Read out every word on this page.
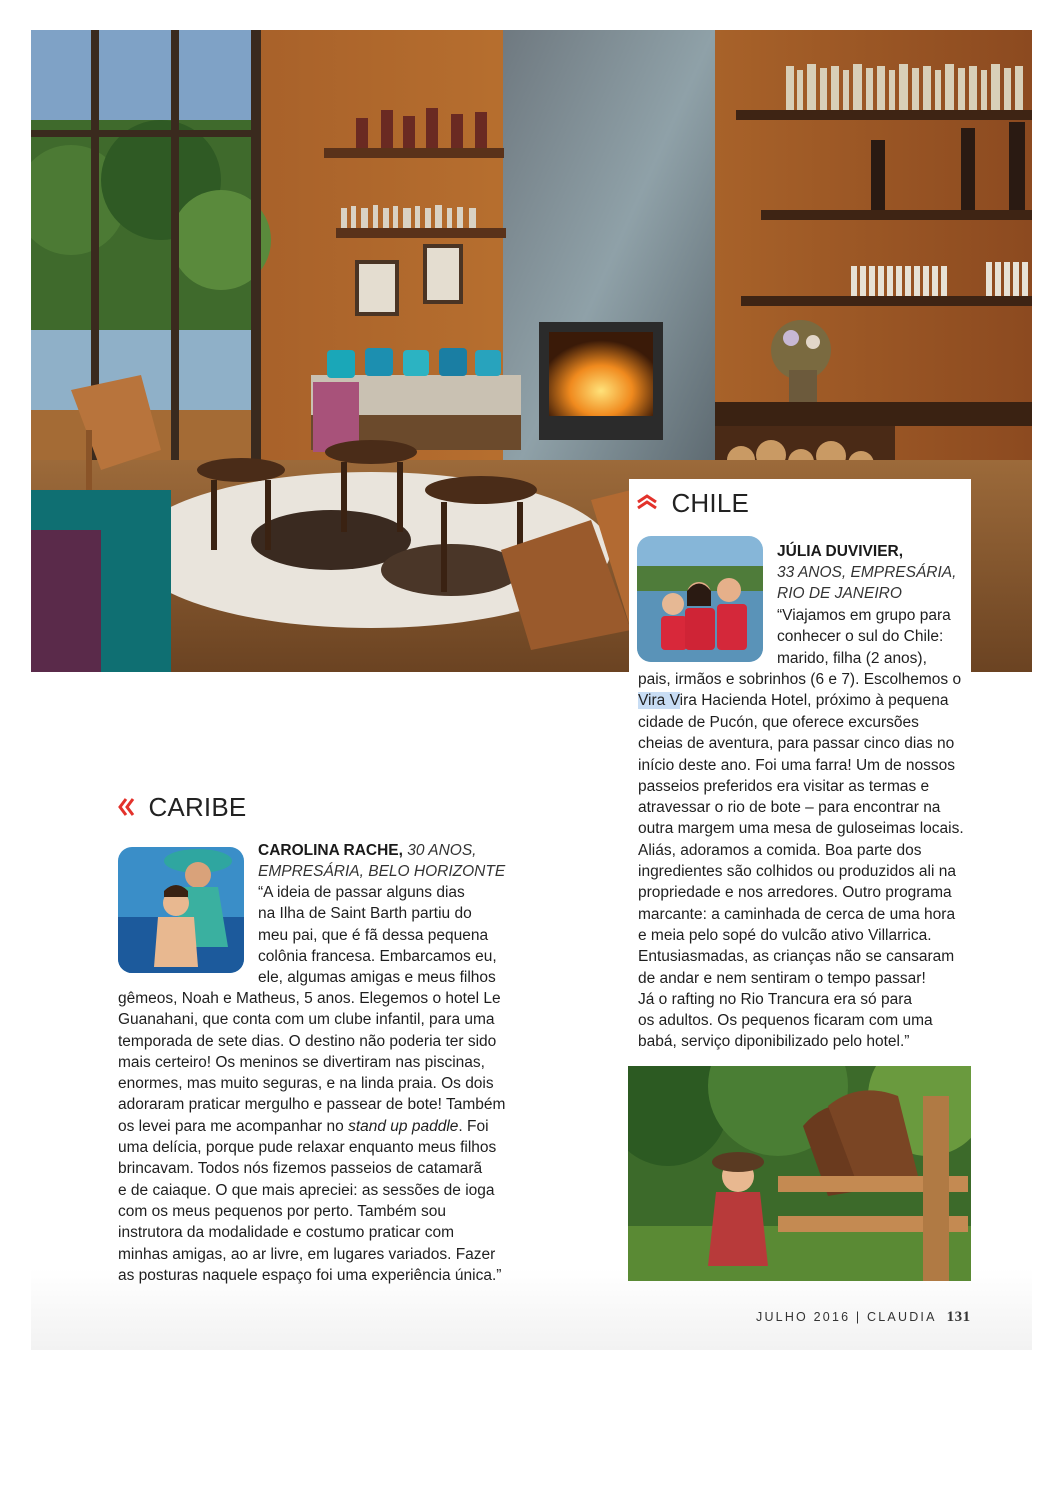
CHILE
JÚLIA DUVIVIER,
33 ANOS, EMPRESÁRIA,
RIO DE JANEIRO
“Viajamos em grupo para
conhecer o sul do Chile:
marido, filha (2 anos),
pais, irmãos e sobrinhos (6 e 7). Escolhemos o
Vira Vira Hacienda Hotel, próximo à pequena
cidade de Pucón, que oferece excursões
cheias de aventura, para passar cinco dias no
início deste ano. Foi uma farra! Um de nossos
passeios preferidos era visitar as termas e
atravessar o rio de bote – para encontrar na
outra margem uma mesa de guloseimas locais.
Aliás, adoramos a comida. Boa parte dos
ingredientes são colhidos ou produzidos ali na
propriedade e nos arredores. Outro programa
marcante: a caminhada de cerca de uma hora
e meia pelo sopé do vulcão ativo Villarrica.
Entusiasmadas, as crianças não se cansaram
de andar e nem sentiram o tempo passar!
Já o rafting no Rio Trancura era só para
os adultos. Os pequenos ficaram com uma
babá, serviço diponibilizado pelo hotel.”
CARIBE
CAROLINA RACHE, 30 ANOS,
EMPRESÁRIA, BELO HORIZONTE
“A ideia de passar alguns dias
na Ilha de Saint Barth partiu do
meu pai, que é fã dessa pequena
colônia francesa. Embarcamos eu,
ele, algumas amigas e meus filhos
gêmeos, Noah e Matheus, 5 anos. Elegemos o hotel Le
Guanahani, que conta com um clube infantil, para uma
temporada de sete dias. O destino não poderia ter sido
mais certeiro! Os meninos se divertiram nas piscinas,
enormes, mas muito seguras, e na linda praia. Os dois
adoraram praticar mergulho e passear de bote! Também
os levei para me acompanhar no stand up paddle. Foi
uma delícia, porque pude relaxar enquanto meus filhos
brincavam. Todos nós fizemos passeios de catamarã
e de caiaque. O que mais apreciei: as sessões de ioga
com os meus pequenos por perto. Também sou
instrutora da modalidade e costumo praticar com
minhas amigas, ao ar livre, em lugares variados. Fazer
as posturas naquele espaço foi uma experiência única.”
JULHO 2016 | CLAUDIA 131
